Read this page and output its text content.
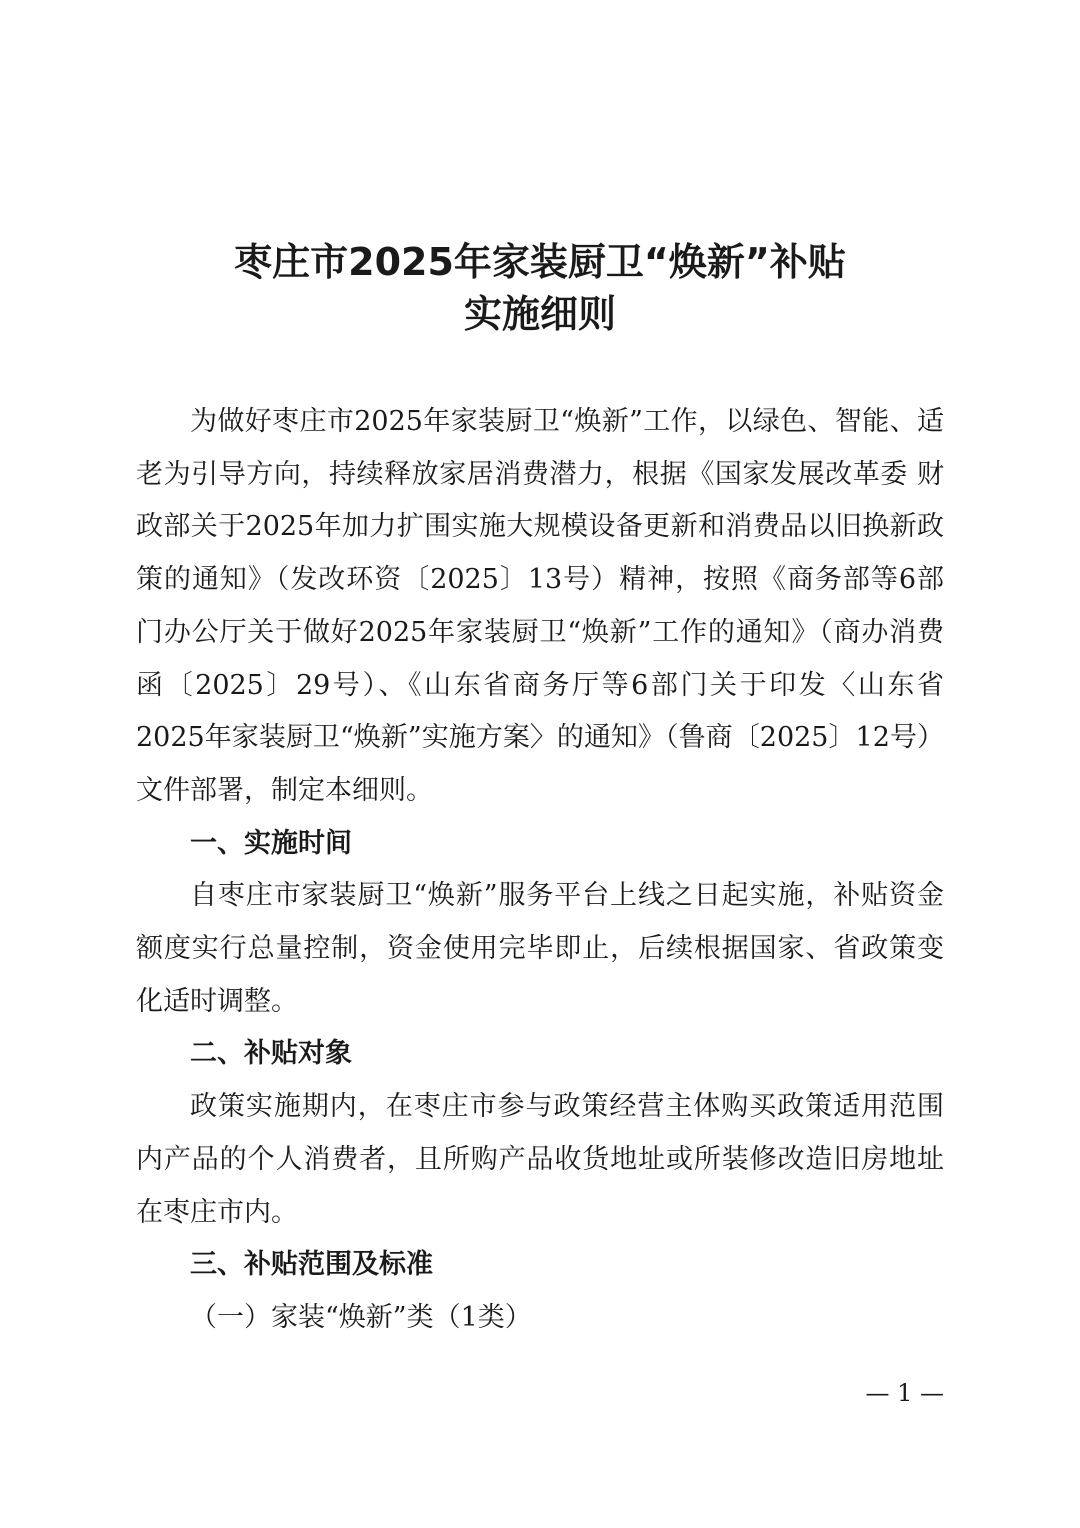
枣庄市2025年家装厨卫“焕新”补贴
实施细则

为做好枣庄市2025年家装厨卫“焕新”工作，以绿色、智能、适老为引导方向，持续释放家居消费潜力，根据《国家发展改革委 财政部关于2025年加力扩围实施大规模设备更新和消费品以旧换新政策的通知》（发改环资〔2025〕13号）精神，按照《商务部等6部门办公厅关于做好2025年家装厨卫“焕新”工作的通知》（商办消费函〔2025〕29号）、《山东省商务厅等6部门关于印发〈山东省2025年家装厨卫“焕新”实施方案〉的通知》（鲁商〔2025〕12号）文件部署，制定本细则。

一、实施时间

自枣庄市家装厨卫“焕新”服务平台上线之日起实施，补贴资金额度实行总量控制，资金使用完毕即止，后续根据国家、省政策变化适时调整。

二、补贴对象

政策实施期内，在枣庄市参与政策经营主体购买政策适用范围内产品的个人消费者，且所购产品收货地址或所装修改造旧房地址在枣庄市内。

三、补贴范围及标准

（一）家装“焕新”类（1类）

— 1 —
